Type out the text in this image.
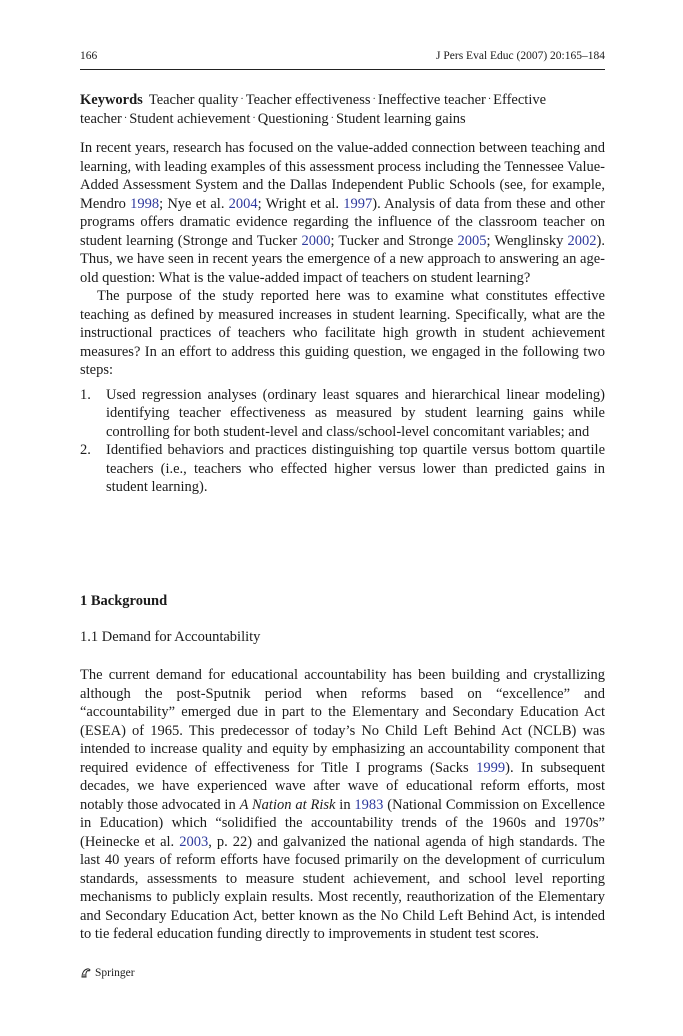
166	J Pers Eval Educ (2007) 20:165–184
Keywords Teacher quality · Teacher effectiveness · Ineffective teacher · Effective teacher · Student achievement · Questioning · Student learning gains

In recent years, research has focused on the value-added connection between teaching and learning, with leading examples of this assessment process including the Tennessee Value-Added Assessment System and the Dallas Independent Public Schools (see, for example, Mendro 1998; Nye et al. 2004; Wright et al. 1997). Analysis of data from these and other programs offers dramatic evidence regarding the influence of the classroom teacher on student learning (Stronge and Tucker 2000; Tucker and Stronge 2005; Wenglinsky 2002). Thus, we have seen in recent years the emergence of a new approach to answering an age-old question: What is the value-added impact of teachers on student learning?

The purpose of the study reported here was to examine what constitutes effective teaching as defined by measured increases in student learning. Specifically, what are the instructional practices of teachers who facilitate high growth in student achievement measures? In an effort to address this guiding question, we engaged in the following two steps:

1. Used regression analyses (ordinary least squares and hierarchical linear modeling) identifying teacher effectiveness as measured by student learning gains while controlling for both student-level and class/school-level concomitant variables; and
2. Identified behaviors and practices distinguishing top quartile versus bottom quartile teachers (i.e., teachers who effected higher versus lower than predicted gains in student learning).
1 Background
1.1 Demand for Accountability

The current demand for educational accountability has been building and crystallizing although the post-Sputnik period when reforms based on “excellence” and “accountability” emerged due in part to the Elementary and Secondary Education Act (ESEA) of 1965. This predecessor of today’s No Child Left Behind Act (NCLB) was intended to increase quality and equity by emphasizing an accountability component that required evidence of effectiveness for Title I programs (Sacks 1999). In subsequent decades, we have experienced wave after wave of educational reform efforts, most notably those advocated in A Nation at Risk in 1983 (National Commission on Excellence in Education) which “solidified the accountability trends of the 1960s and 1970s” (Heinecke et al. 2003, p. 22) and galvanized the national agenda of high standards. The last 40 years of reform efforts have focused primarily on the development of curriculum standards, assessments to measure student achievement, and school level reporting mechanisms to publicly explain results. Most recently, reauthorization of the Elementary and Secondary Education Act, better known as the No Child Left Behind Act, is intended to tie federal education funding directly to improvements in student test scores.

Springer
